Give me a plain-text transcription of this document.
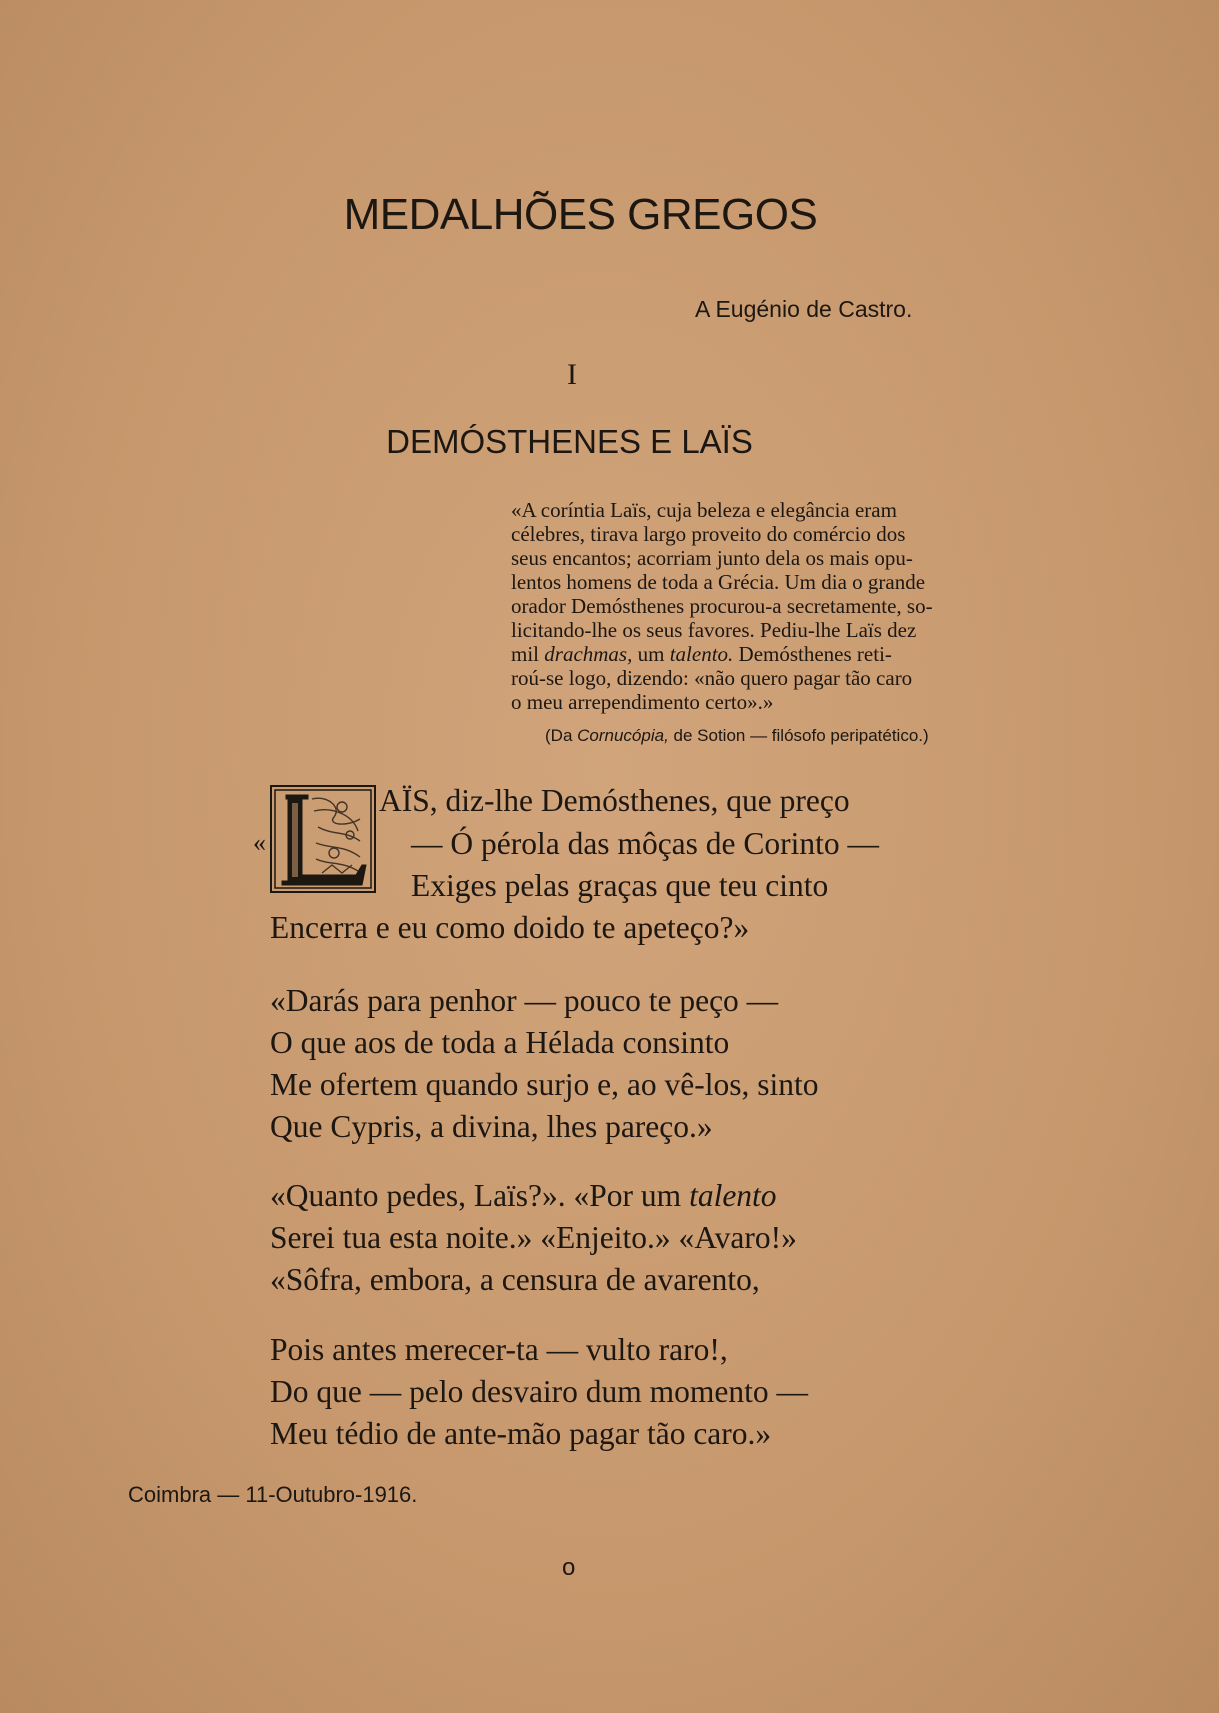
MEDALHÕES GREGOS
A Eugénio de Castro.
I
DEMÓSTHENES E LAÏS
«A coríntia Laïs, cuja beleza e elegância eram
célebres, tirava largo proveito do comércio dos
seus encantos; acorriam junto dela os mais opu-
lentos homens de toda a Grécia. Um dia o grande
orador Demósthenes procurou-a secretamente, so-
licitando-lhe os seus favores. Pediu-lhe Laïs dez
mil drachmas, um talento. Demósthenes reti-
roú-se logo, dizendo: «não quero pagar tão caro
o meu arrependimento certo».»
(Da Cornucópia, de Sotion — filósofo peripatético.)
«
AÏS, diz-lhe Demósthenes, que preço
— Ó pérola das môças de Corinto —
Exiges pelas graças que teu cinto
Encerra e eu como doido te apeteço?»
«Darás para penhor — pouco te peço —
O que aos de toda a Hélada consinto
Me ofertem quando surjo e, ao vê-los, sinto
Que Cypris, a divina, lhes pareço.»
«Quanto pedes, Laïs?». «Por um talento
Serei tua esta noite.» «Enjeito.» «Avaro!»
«Sôfra, embora, a censura de avarento,
Pois antes merecer-ta — vulto raro!,
Do que — pelo desvairo dum momento —
Meu tédio de ante-mão pagar tão caro.»
Coimbra — 11-Outubro-1916.
o
